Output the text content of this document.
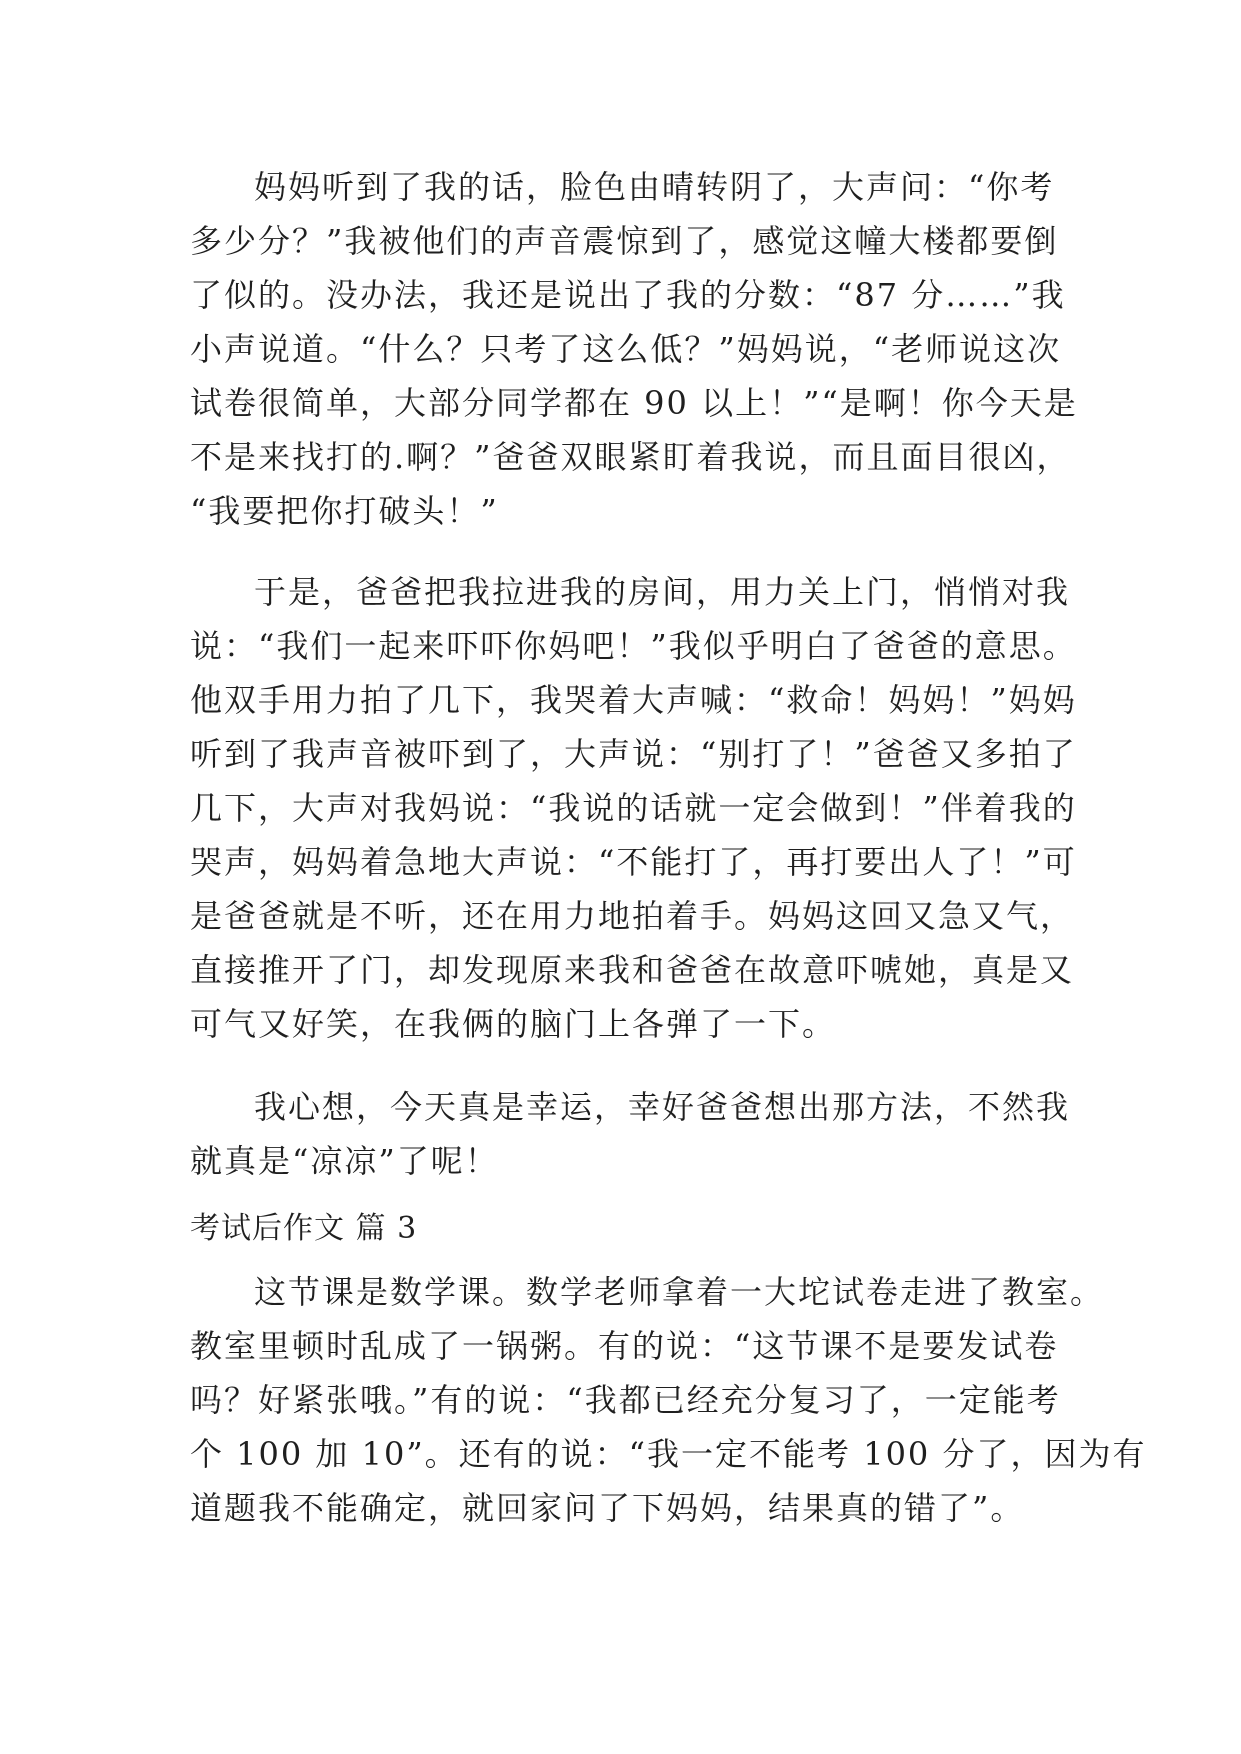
妈妈听到了我的话，脸色由晴转阴了，大声问：“你考
多少分？”我被他们的声音震惊到了，感觉这幢大楼都要倒
了似的。没办法，我还是说出了我的分数：“87 分……”我
小声说道。“什么？只考了这么低？”妈妈说，“老师说这次
试卷很简单，大部分同学都在 90 以上！”“是啊！你今天是
不是来找打的.啊？”爸爸双眼紧盯着我说，而且面目很凶，
“我要把你打破头！”
于是，爸爸把我拉进我的房间，用力关上门，悄悄对我
说：“我们一起来吓吓你妈吧！”我似乎明白了爸爸的意思。
他双手用力拍了几下，我哭着大声喊：“救命！妈妈！”妈妈
听到了我声音被吓到了，大声说：“别打了！”爸爸又多拍了
几下，大声对我妈说：“我说的话就一定会做到！”伴着我的
哭声，妈妈着急地大声说：“不能打了，再打要出人了！”可
是爸爸就是不听，还在用力地拍着手。妈妈这回又急又气，
直接推开了门，却发现原来我和爸爸在故意吓唬她，真是又
可气又好笑，在我俩的脑门上各弹了一下。
我心想，今天真是幸运，幸好爸爸想出那方法，不然我
就真是“凉凉”了呢！
考试后作文 篇 3
这节课是数学课。数学老师拿着一大坨试卷走进了教室。
教室里顿时乱成了一锅粥。有的说：“这节课不是要发试卷
吗？好紧张哦。”有的说：“我都已经充分复习了，一定能考
个 100 加 10”。还有的说：“我一定不能考 100 分了，因为有
道题我不能确定，就回家问了下妈妈，结果真的错了”。
